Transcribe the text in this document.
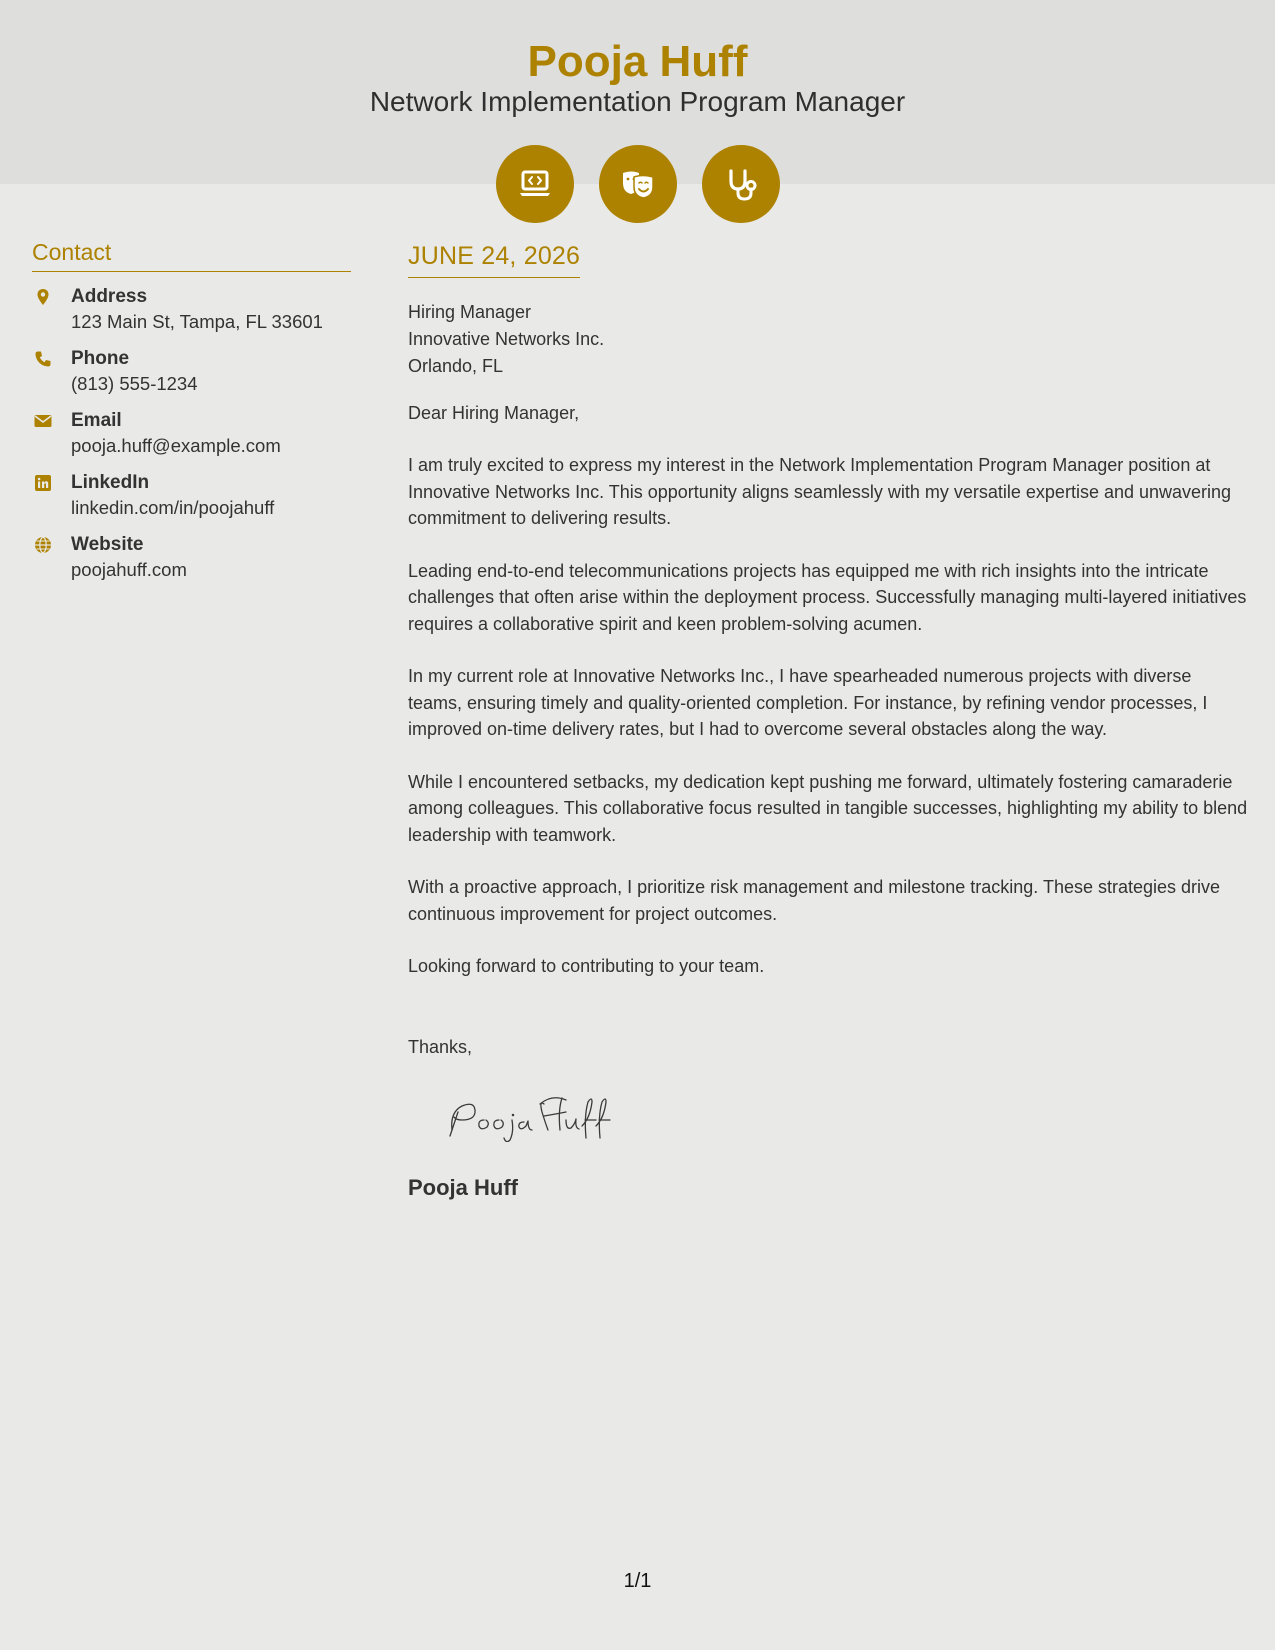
Pooja Huff
Network Implementation Program Manager
Contact
Address
123 Main St, Tampa, FL 33601
Phone
(813) 555-1234
Email
pooja.huff@example.com
LinkedIn
linkedin.com/in/poojahuff
Website
poojahuff.com
JUNE 24, 2026
Hiring Manager
Innovative Networks Inc.
Orlando, FL
Dear Hiring Manager,
I am truly excited to express my interest in the Network Implementation Program Manager position at Innovative Networks Inc. This opportunity aligns seamlessly with my versatile expertise and unwavering commitment to delivering results.
Leading end-to-end telecommunications projects has equipped me with rich insights into the intricate challenges that often arise within the deployment process. Successfully managing multi-layered initiatives requires a collaborative spirit and keen problem-solving acumen.
In my current role at Innovative Networks Inc., I have spearheaded numerous projects with diverse teams, ensuring timely and quality-oriented completion. For instance, by refining vendor processes, I improved on-time delivery rates, but I had to overcome several obstacles along the way.
While I encountered setbacks, my dedication kept pushing me forward, ultimately fostering camaraderie among colleagues. This collaborative focus resulted in tangible successes, highlighting my ability to blend leadership with teamwork.
With a proactive approach, I prioritize risk management and milestone tracking. These strategies drive continuous improvement for project outcomes.
Looking forward to contributing to your team.
Thanks,
Pooja Huff
1/1
